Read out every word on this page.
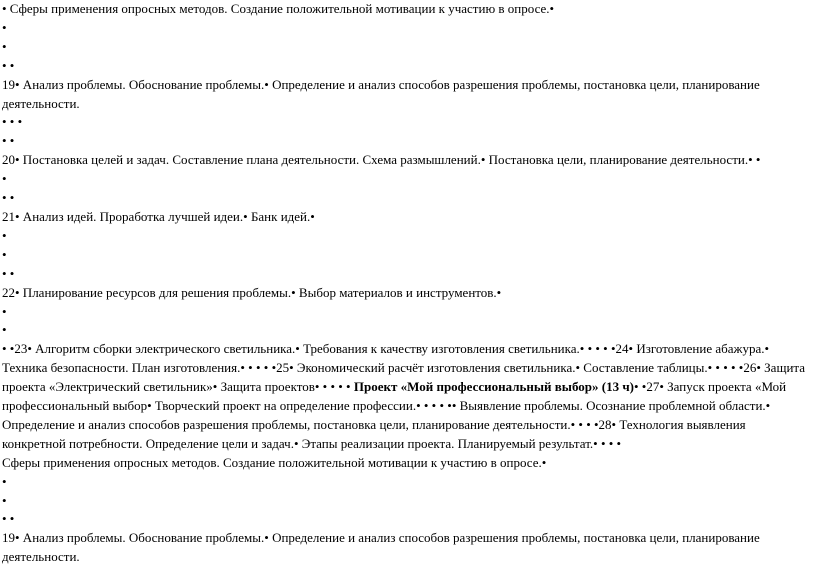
• Сферы применения опросных методов. Создание положительной мотивации к участию в опросе.•
•
•
• •
19• Анализ проблемы. Обоснование проблемы.• Определение и анализ способов разрешения проблемы, постановка цели, планирование деятельности.
• • •
• •
20• Постановка целей и задач. Составление плана деятельности. Схема размышлений.• Постановка цели, планирование деятельности.• •
•
• •
21• Анализ идей. Проработка лучшей идеи.• Банк идей.•
•
•
• •
22• Планирование ресурсов для решения проблемы.• Выбор материалов и инструментов.•
•
•
• •23• Алгоритм сборки электрического светильника.• Требования к качеству изготовления светильника.• • • • •24• Изготовление абажура.• Техника безопасности. План изготовления.• • • • •25• Экономический расчёт изготовления светильника.• Составление таблицы.• • • • •26• Защита проекта «Электрический светильник»• Защита проектов• • • • • Проект «Мой профессиональный выбор» (13 ч)• •27• Запуск проекта «Мой профессиональный выбор• Творческий проект на определение профессии.• • • • •• Выявление проблемы. Осознание проблемной области.• Определение и анализ способов разрешения проблемы, постановка цели, планирование деятельности.• • • •28• Технология выявления конкретной потребности. Определение цели и задач.• Этапы реализации проекта. Планируемый результат.• • • •
Сферы применения опросных методов. Создание положительной мотивации к участию в опросе.•
•
•
• •
19• Анализ проблемы. Обоснование проблемы.• Определение и анализ способов разрешения проблемы, постановка цели, планирование деятельности.
